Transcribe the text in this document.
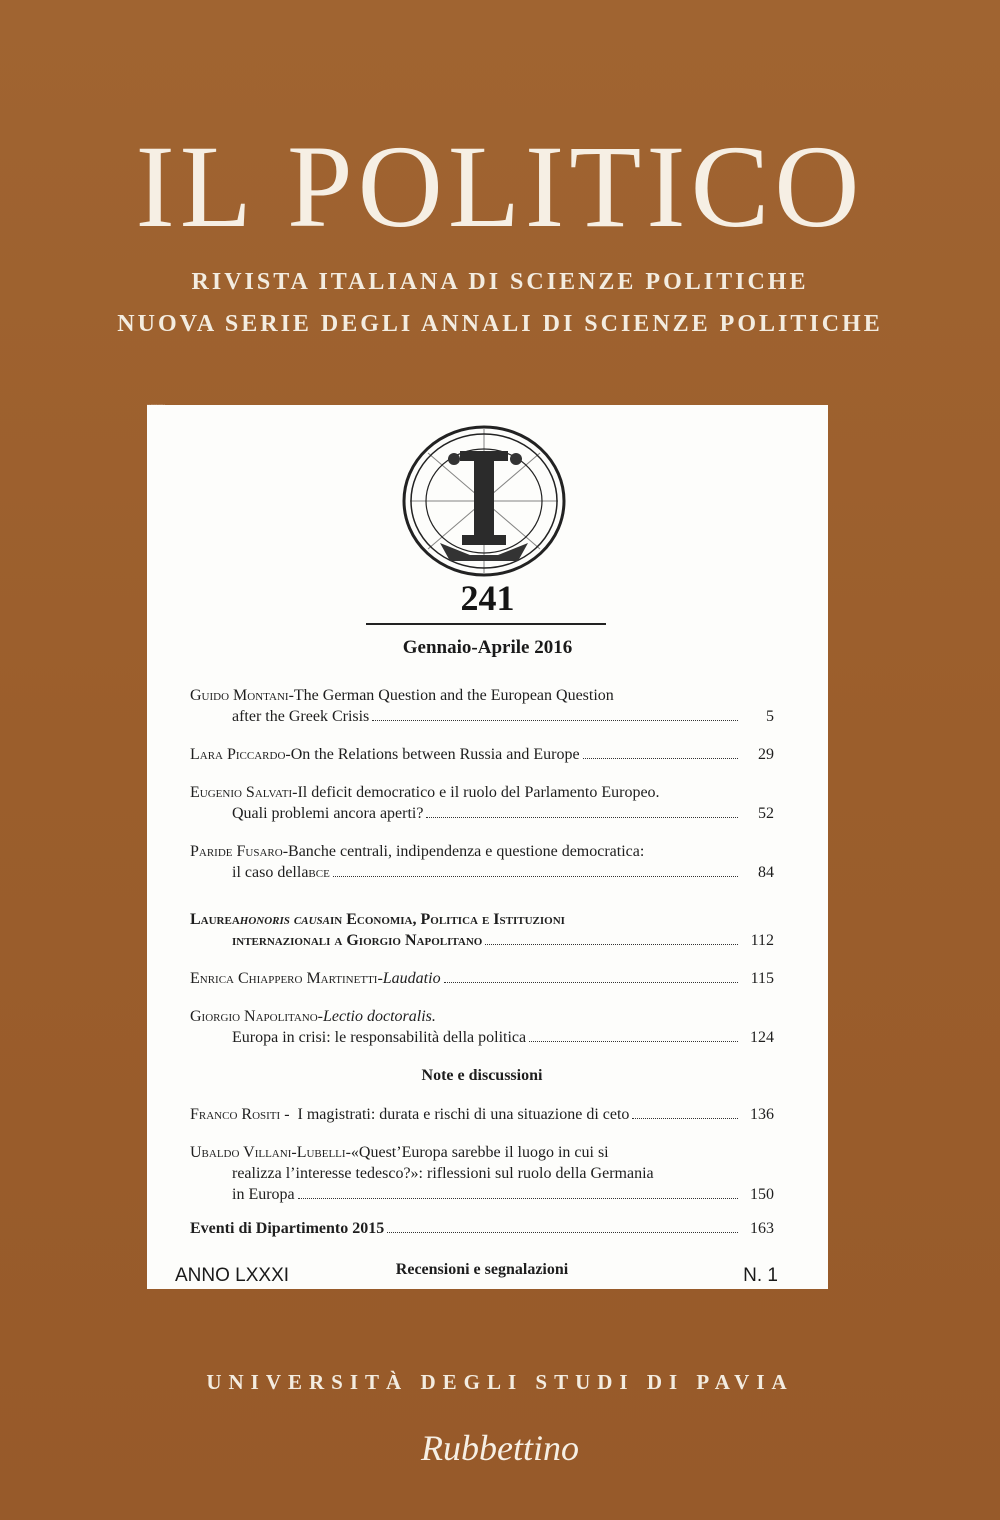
IL POLITICO
RIVISTA ITALIANA DI SCIENZE POLITICHE
NUOVA SERIE DEGLI ANNALI DI SCIENZE POLITICHE
ALMA TICINENSIS UNIVERSITAS
241
Gennaio-Aprile 2016
Guido Montani - The German Question and the European Question
after the Greek Crisis	5
Lara Piccardo - On the Relations between Russia and Europe	29
Eugenio Salvati - Il deficit democratico e il ruolo del Parlamento Europeo.
Quali problemi ancora aperti?	52
Paride Fusaro - Banche centrali, indipendenza e questione democratica:
il caso della bce	84
Laurea honoris causa in Economia, Politica e Istituzioni
internazionali a Giorgio Napolitano	112
Enrica Chiappero Martinetti - Laudatio	115
Giorgio Napolitano - Lectio doctoralis.
Europa in crisi: le responsabilità della politica	124
Note e discussioni
Franco Rositi - I magistrati: durata e rischi di una situazione di ceto	136
Ubaldo Villani-Lubelli - «Quest’Europa sarebbe il luogo in cui si
realizza l’interesse tedesco?»: riflessioni sul ruolo della Germania
in Europa	150
Eventi di Dipartimento 2015	163
Recensioni e segnalazioni
ANNO LXXXI	N. 1
UNIVERSITÀ DEGLI STUDI DI PAVIA
Rubbettino
